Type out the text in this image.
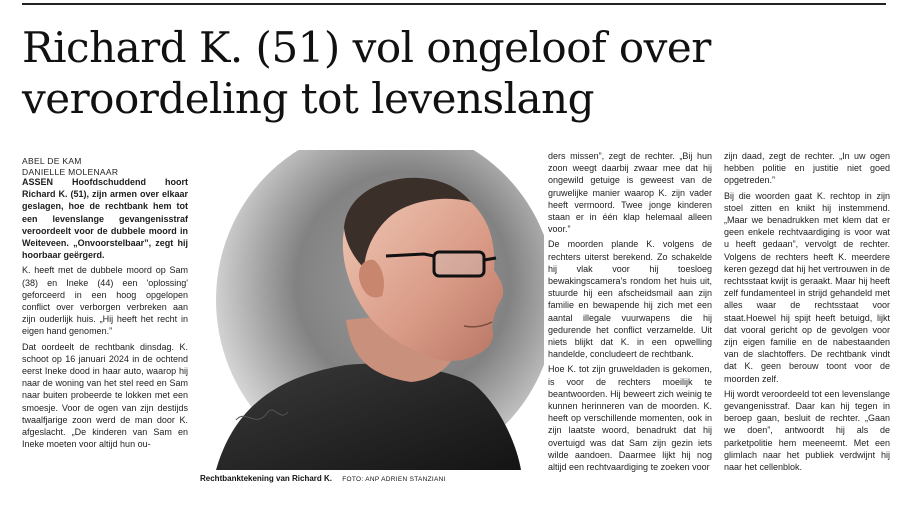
Richard K. (51) vol ongeloof over
veroordeling tot levenslang
ABEL DE KAM
DANIELLE MOLENAAR

ASSEN Hoofdschuddend hoort Richard K. (51), zijn armen over elkaar geslagen, hoe de rechtbank hem tot een levenslange gevangenisstraf veroordeelt voor de dubbele moord in Weiteveen. „Onvoorstelbaar”, zegt hij hoorbaar geërgerd.

K. heeft met de dubbele moord op Sam (38) en Ineke (44) een 'oplossing' geforceerd in een hoog opgelopen conflict over verborgen verbreken aan zijn ouderlijk huis. „Hij heeft het recht in eigen hand genomen.”

Dat oordeelt de rechtbank dinsdag. K. schoot op 16 januari 2024 in de ochtend eerst Ineke dood in haar auto, waarop hij naar de woning van het stel reed en Sam naar buiten probeerde te lokken met een smoesje. Voor de ogen van zijn destijds twaalfjarige zoon werd de man door K. afgeslacht. „De kinderen van Sam en Ineke moeten voor altijd hun ou-

Rechtbanktekening van Richard K. FOTO: ANP ADRIEN STANZIANI

ders missen”, zegt de rechter. „Bij hun zoon weegt daarbij zwaar mee dat hij ongewild getuige is geweest van de gruwelijke manier waarop K. zijn vader heeft vermoord. Twee jonge kinderen staan er in één klap helemaal alleen voor.”

De moorden plande K. volgens de rechters uiterst berekend. Zo schakelde hij vlak voor hij toesloeg bewakingscamera's rondom het huis uit, stuurde hij een afscheidsmail aan zijn familie en bewapende hij zich met een aantal illegale vuurwapens die hij gedurende het conflict verzamelde. Uit niets blijkt dat K. in een opwelling handelde, concludeert de rechtbank.

Hoe K. tot zijn gruweldaden is gekomen, is voor de rechters moeilijk te beantwoorden. Hij beweert zich weinig te kunnen herinneren van de moorden. K. heeft op verschillende momenten, ook in zijn laatste woord, benadrukt dat hij overtuigd was dat Sam zijn gezin iets wilde aandoen. Daarmee lijkt hij nog altijd een rechtvaardiging te zoeken voor

zijn daad, zegt de rechter. „In uw ogen hebben politie en justitie niet goed opgetreden.”

Bij die woorden gaat K. rechtop in zijn stoel zitten en knikt hij instemmend. „Maar we benadrukken met klem dat er geen enkele rechtvaardiging is voor wat u heeft gedaan”, vervolgt de rechter. Volgens de rechters heeft K. meerdere keren gezegd dat hij het vertrouwen in de rechtsstaat kwijt is geraakt. Maar hij heeft zelf fundamenteel in strijd gehandeld met alles waar de rechtsstaat voor staat.Hoewel hij spijt heeft betuigd, lijkt dat vooral gericht op de gevolgen voor zijn eigen familie en de nabestaanden van de slachtoffers. De rechtbank vindt dat K. geen berouw toont voor de moorden zelf.

Hij wordt veroordeeld tot een levenslange gevangenisstraf. Daar kan hij tegen in beroep gaan, besluit de rechter. „Gaan we doen”, antwoordt hij als de parketpolitie hem meeneemt. Met een glimlach naar het publiek verdwijnt hij naar het cellenblok.
